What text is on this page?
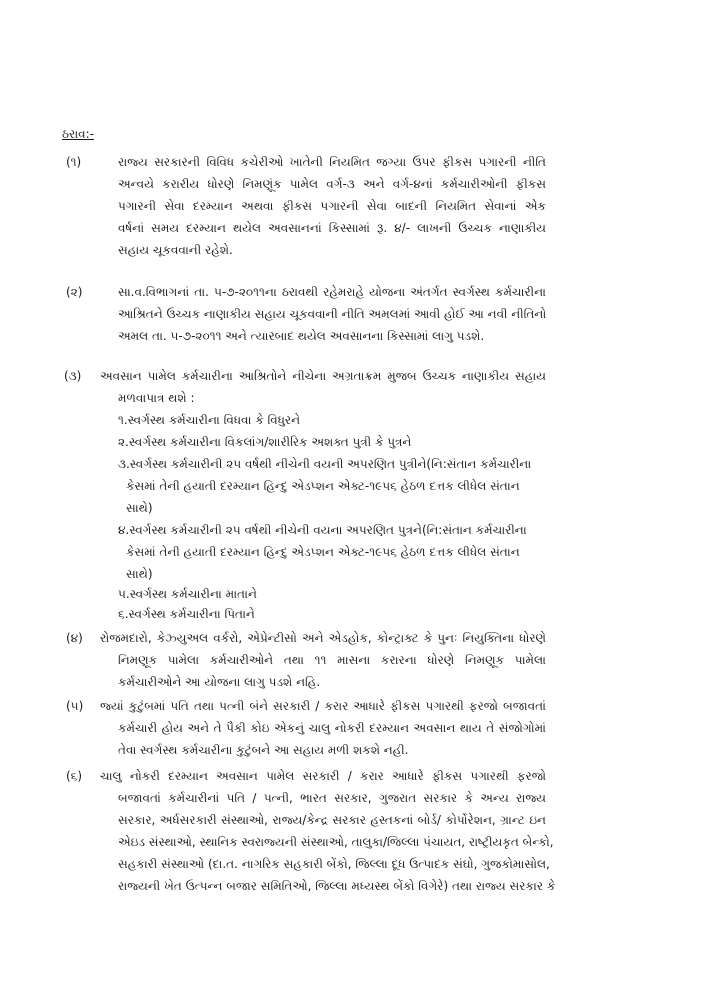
ઠરાવ:-
(૧)	રાજ્ય સરકારની વિવિધ કચેરીઓ ખાતેની નિયમિત જગ્યા ઉપર ફીકસ પગારની નીતિ
અન્વયે કરારીય ધોરણે નિમણૂંક પામેલ વર્ગ-૩ અને વર્ગ-૪નાં કર્મચારીઓની ફીકસ
પગારની સેવા દરમ્યાન અથવા ફીકસ પગારની સેવા બાદની નિયમિત સેવાનાં એક
વર્ષનાં સમય દરમ્યાન થયેલ અવસાનનાં કિસ્સામાં રૂ. ૪/- લાખની ઉચ્ચક નાણાકીય
સહાય ચૂકવવાની રહેશે.
(૨)	સા.વ.વિભાગનાં તા. ૫-૭-૨૦૧૧ના ઠરાવથી રહેમરાહે યોજના અંતર્ગત સ્વર્ગસ્થ કર્મચારીના
આશ્રિતને ઉચ્ચક નાણાકીય સહાય ચૂકવવાની નીતિ અમલમાં આવી હોઈ આ નવી નીતિનો
અમલ તા. ૫-૭-૨૦૧૧ અને ત્યારબાદ થયેલ અવસાનના કિસ્સામાં લાગુ પડશે.
(૩) અવસાન પામેલ કર્મચારીના આશ્રિતોને નીચેના અગ્રતાક્રમ મુજબ ઉચ્ચક નાણાકીય સહાય
મળવાપાત્ર થશે :
૧.સ્વર્ગસ્થ કર્મચારીના વિધવા કે વિધુરને
૨.સ્વર્ગસ્થ કર્મચારીના વિકલાંગ/શારીરિક અશક્ત પુત્રી કે પુત્રને
૩.સ્વર્ગસ્થ કર્મચારીની ૨૫ વર્ષથી નીચેની વયની અપરણિત પુત્રીને(નિ:સંતાન કર્મચારીના
કેસમાં તેની હયાતી દરમ્યાન હિન્દુ એડપ્શન એક્ટ-૧૯૫૬ હેઠળ દત્તક લીધેલ સંતાન
સાથે)
૪.સ્વર્ગસ્થ કર્મચારીની ૨૫ વર્ષથી નીચેની વયના અપરણિત પુત્રને(નિ:સંતાન કર્મચારીના
કેસમાં તેની હયાતી દરમ્યાન હિન્દુ એડપ્શન એક્ટ-૧૯૫૬ હેઠળ દત્તક લીધેલ સંતાન
સાથે)
૫.સ્વર્ગસ્થ કર્મચારીના માતાને
૬.સ્વર્ગસ્થ કર્મચારીના પિતાને
(૪) રોજમદારો, કેઝ્યુઅલ વર્કરો, એપ્રેન્ટીસો અને એડહોક, કોન્ટ્રાક્ટ કે પુનઃ નિયુક્તિના ધોરણે
નિમણૂક પામેલા કર્મચારીઓને તથા ૧૧ માસના કરારના ધોરણે નિમણૂક પામેલા
કર્મચારીઓને આ યોજના લાગુ પડશે નહિ.
(૫) જ્યાં કુટુંબમાં પતિ તથા પત્ની બંને સરકારી / કરાર આધારે ફીકસ પગારથી ફરજો બજાવતાં
કર્મચારી હોય અને તે પૈકી કોઇ એકનું ચાલુ નોકરી દરમ્યાન અવસાન થાય તે સંજોગોમાં
તેવા સ્વર્ગસ્થ કર્મચારીના કુટુંબને આ સહાય મળી શકશે નહી.
(૬) ચાલુ નોકરી દરમ્યાન અવસાન પામેલ સરકારી / કરાર આધારે ફીકસ પગારથી ફરજો
બજાવતાં કર્મચારીનાં પતિ / પત્ની, ભારત સરકાર, ગુજરાત સરકાર કે અન્ય રાજ્ય
સરકાર, અર્ધસરકારી સંસ્થાઓ, રાજ્ય/કેન્દ્ર સરકાર હસ્તકનાં બોર્ડ/ કોર્પોરેશન, ગ્રાન્ટ ઇન
એઇડ સંસ્થાઓ, સ્થાનિક સ્વરાજ્યની સંસ્થાઓ, તાલુકા/જિલ્લા પંચાયત, રાષ્ટ્રીયકૃત બેન્કો,
સહકારી સંસ્થાઓ (દા.ત. નાગરિક સહકારી બેંકો, જિલ્લા દૂધ ઉત્પાદક સંઘો, ગુજકોમાસોલ,
રાજ્યની ખેત ઉત્પન્ન બજાર સમિતિઓ, જિલ્લા મધ્યસ્થ બેંકો વિગેરે) તથા રાજ્ય સરકાર કે
